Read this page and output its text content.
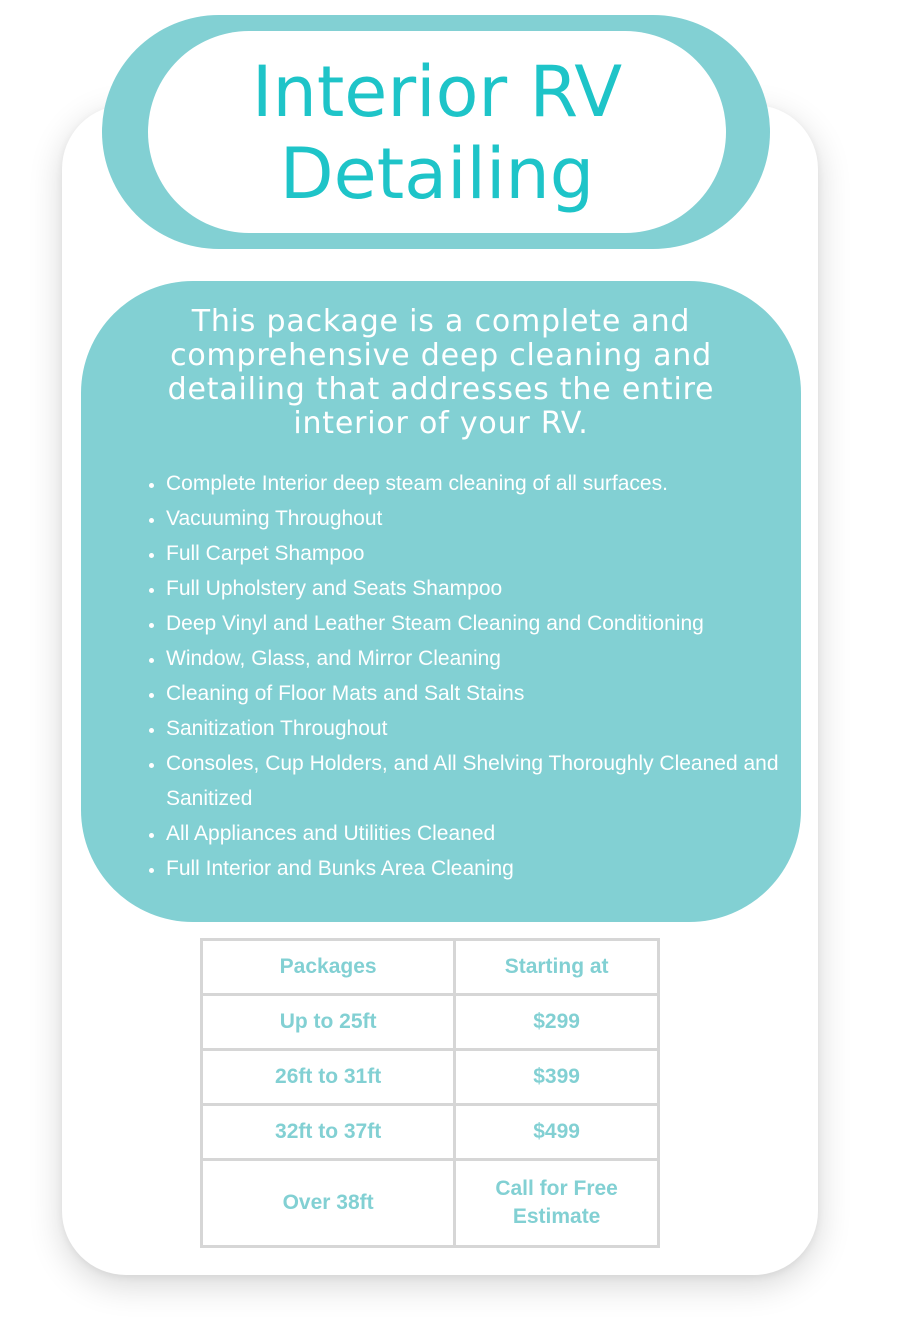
Interior RV Detailing
This package is a complete and comprehensive deep cleaning and detailing that addresses the entire interior of your RV.
• Complete Interior deep steam cleaning of all surfaces.
• Vacuuming Throughout
• Full Carpet Shampoo
• Full Upholstery and Seats Shampoo
• Deep Vinyl and Leather Steam Cleaning and Conditioning
• Window, Glass, and Mirror Cleaning
• Cleaning of Floor Mats and Salt Stains
• Sanitization Throughout
• Consoles, Cup Holders, and All Shelving Thoroughly Cleaned and Sanitized
• All Appliances and Utilities Cleaned
• Full Interior and Bunks Area Cleaning
Packages	Starting at
Up to 25ft	$299
26ft to 31ft	$399
32ft to 37ft	$499
Over 38ft	Call for Free Estimate
